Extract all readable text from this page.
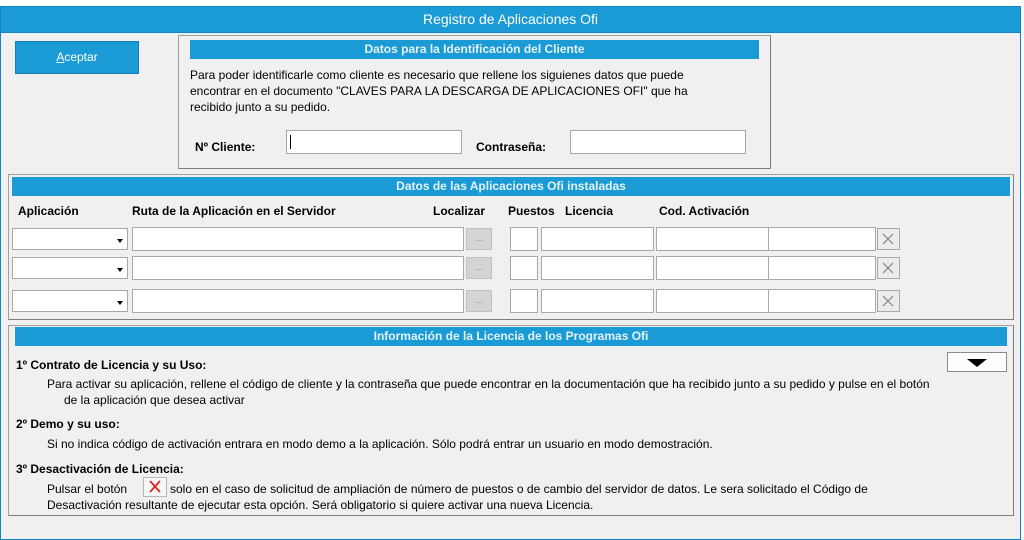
Registro de Aplicaciones Ofi
Aceptar
Datos para la Identificación del Cliente
Para poder identificarle como cliente es necesario que rellene los siguienes datos que puede
encontrar en el documento "CLAVES PARA LA DESCARGA DE APLICACIONES OFI" que ha
recibido junto a su pedido.
Nº Cliente:	Contraseña:
Datos de las Aplicaciones Ofi instaladas
Aplicación	Ruta de la Aplicación en el Servidor	Localizar Puestos Licencia	Cod. Activación
...
...
...
Información de la Licencia de los Programas Ofi
1º Contrato de Licencia y su Uso:
Para activar su aplicación, rellene el código de cliente y la contraseña que puede encontrar en la documentación que ha recibido junto a su pedido y pulse en el botón
de la aplicación que desea activar
2º Demo y su uso:
Si no indica código de activación entrara en modo demo a la aplicación. Sólo podrá entrar un usuario en modo demostración.
3º Desactivación de Licencia:
Pulsar el botón	solo en el caso de solicitud de ampliación de número de puestos o de cambio del servidor de datos. Le sera solicitado el Código de
Desactivación resultante de ejecutar esta opción. Será obligatorio si quiere activar una nueva Licencia.
